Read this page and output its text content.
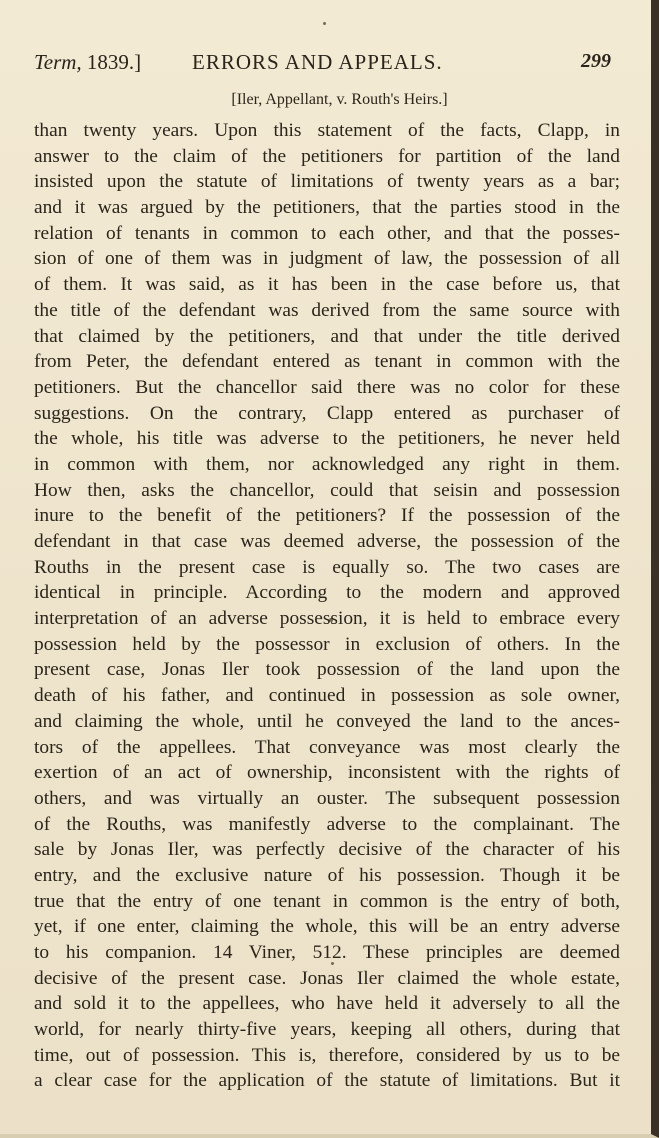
Term, 1839.] ERRORS AND APPEALS.	299
[Iler, Appellant, v. Routh's Heirs.]
than twenty years. Upon this statement of the facts, Clapp, in
answer to the claim of the petitioners for partition of the land
insisted upon the statute of limitations of twenty years as a bar;
and it was argued by the petitioners, that the parties stood in the
relation of tenants in common to each other, and that the posses-
sion of one of them was in judgment of law, the possession of all
of them. It was said, as it has been in the case before us, that
the title of the defendant was derived from the same source with
that claimed by the petitioners, and that under the title derived
from Peter, the defendant entered as tenant in common with the
petitioners. But the chancellor said there was no color for these
suggestions. On the contrary, Clapp entered as purchaser of
the whole, his title was adverse to the petitioners, he never held
in common with them, nor acknowledged any right in them.
How then, asks the chancellor, could that seisin and possession
inure to the benefit of the petitioners? If the possession of the
defendant in that case was deemed adverse, the possession of the
Rouths in the present case is equally so. The two cases are
identical in principle. According to the modern and approved
interpretation of an adverse possession, it is held to embrace every
possession held by the possessor in exclusion of others. In the
present case, Jonas Iler took possession of the land upon the
death of his father, and continued in possession as sole owner,
and claiming the whole, until he conveyed the land to the ances-
tors of the appellees. That conveyance was most clearly the
exertion of an act of ownership, inconsistent with the rights of
others, and was virtually an ouster. The subsequent possession
of the Rouths, was manifestly adverse to the complainant. The
sale by Jonas Iler, was perfectly decisive of the character of his
entry, and the exclusive nature of his possession. Though it be
true that the entry of one tenant in common is the entry of both,
yet, if one enter, claiming the whole, this will be an entry adverse
to his companion. 14 Viner, 512. These principles are deemed
decisive of the present case. Jonas Iler claimed the whole estate,
and sold it to the appellees, who have held it adversely to all the
world, for nearly thirty-five years, keeping all others, during that
time, out of possession. This is, therefore, considered by us to be
a clear case for the application of the statute of limitations. But it
